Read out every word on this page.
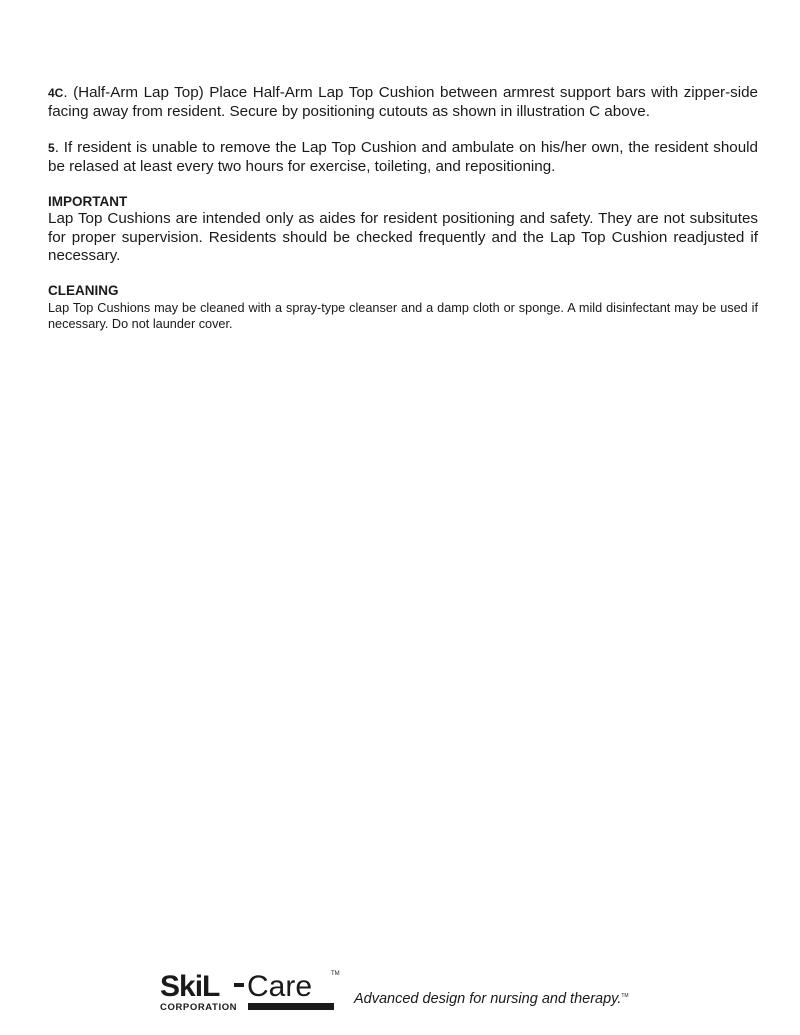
4C. (Half-Arm Lap Top) Place Half-Arm Lap Top Cushion between armrest support bars with zipper-side facing away from resident. Secure by positioning cutouts as shown in illustration C above.

5. If resident is unable to remove the Lap Top Cushion and ambulate on his/her own, the resident should be relased at least every two hours for exercise, toileting, and repositioning.

IMPORTANT

Lap Top Cushions are intended only as aides for resident positioning and safety. They are not subsitutes for proper supervision. Residents should be checked frequently and the Lap Top Cushion readjusted if necessary.

CLEANING

Lap Top Cushions may be cleaned with a spray-type cleanser and a damp cloth or sponge. A mild disinfectant may be used if necessary. Do not launder cover.

SkiL Care	TM
CORPORATION
Advanced design for nursing and therapy.™
